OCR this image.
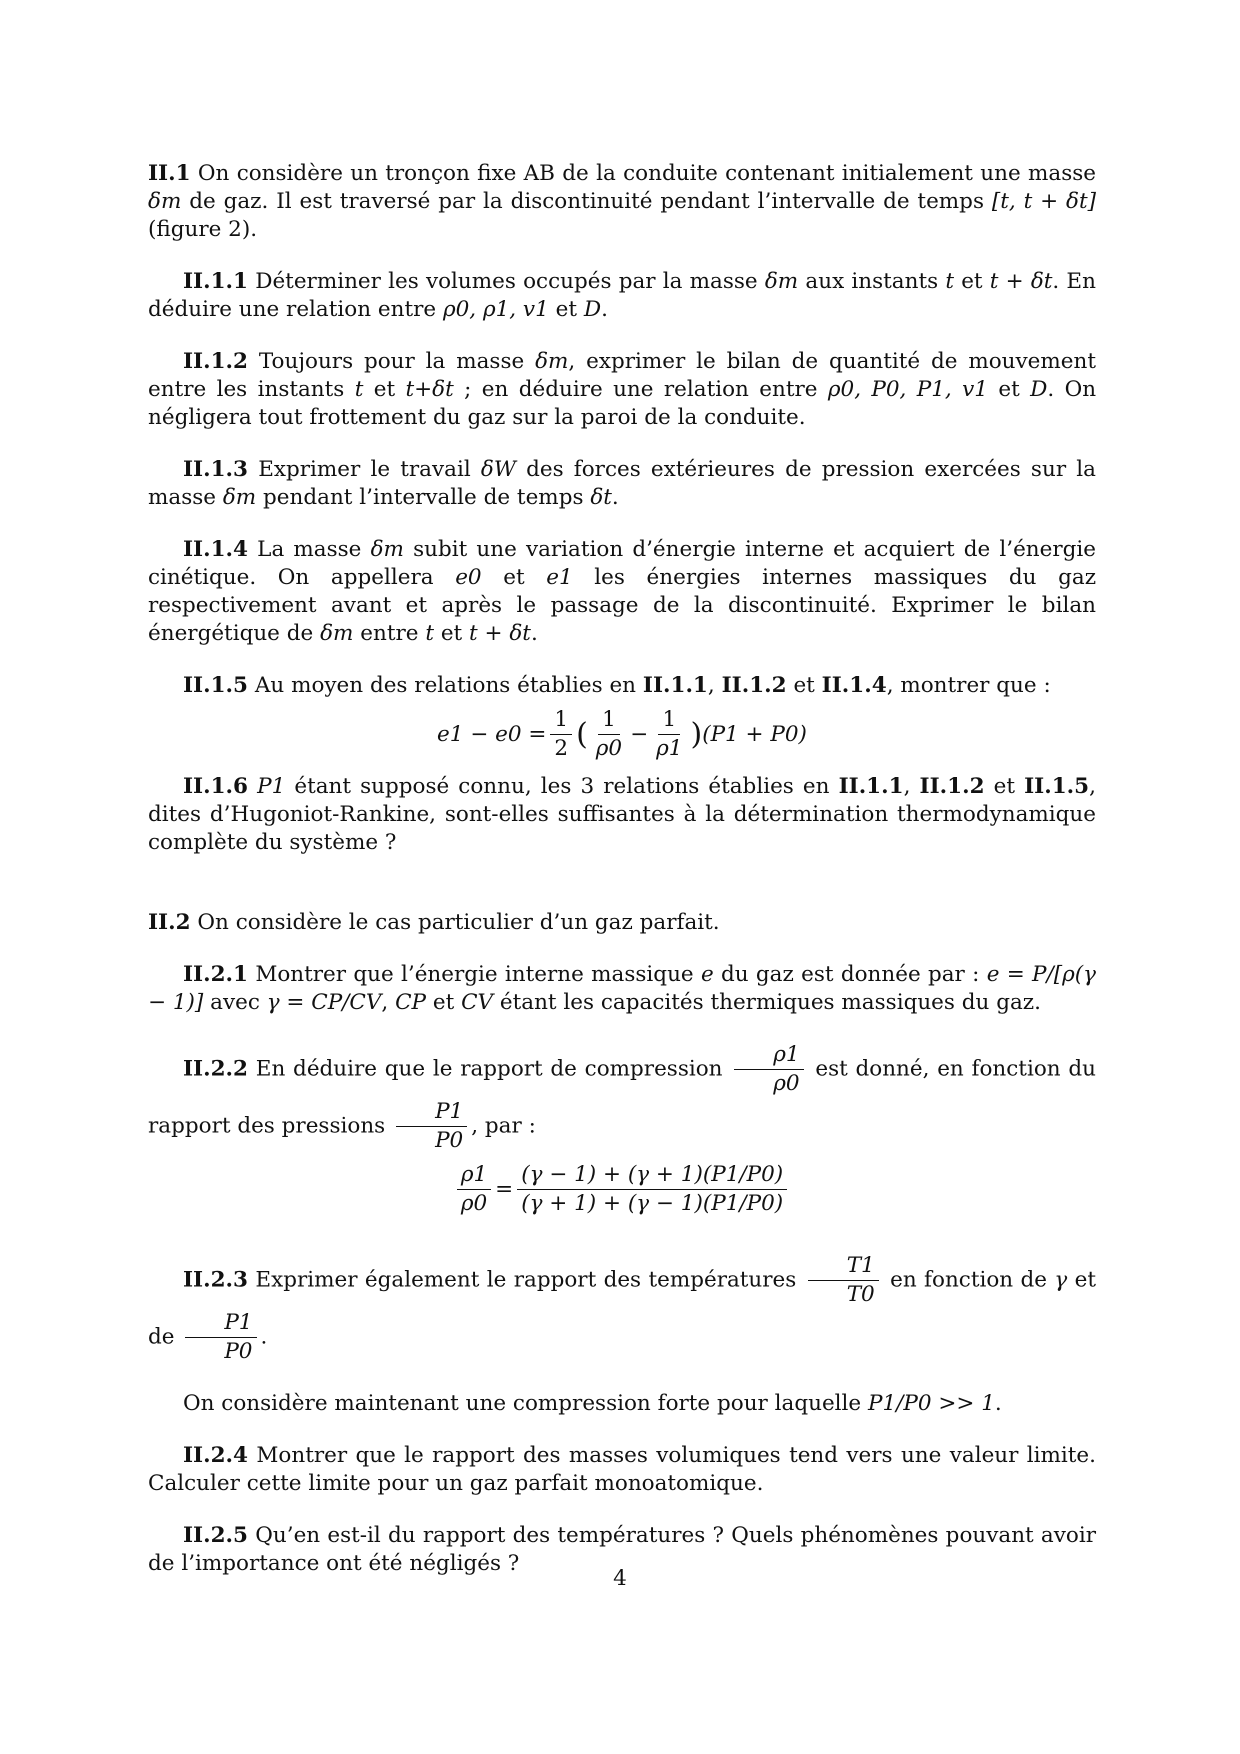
II.1 On considère un tronçon fixe AB de la conduite contenant initialement une masse δm de gaz. Il est traversé par la discontinuité pendant l’intervalle de temps [t, t + δt] (figure 2).

II.1.1 Déterminer les volumes occupés par la masse δm aux instants t et t + δt. En déduire une relation entre ρ0, ρ1, v1 et D.

II.1.2 Toujours pour la masse δm, exprimer le bilan de quantité de mouvement entre les instants t et t+δt ; en déduire une relation entre ρ0, P0, P1, v1 et D. On négligera tout frottement du gaz sur la paroi de la conduite.

II.1.3 Exprimer le travail δW des forces extérieures de pression exercées sur la masse δm pendant l’intervalle de temps δt.

II.1.4 La masse δm subit une variation d’énergie interne et acquiert de l’énergie cinétique. On appellera e0 et e1 les énergies internes massiques du gaz respectivement avant et après le passage de la discontinuité. Exprimer le bilan énergétique de δm entre t et t + δt.

II.1.5 Au moyen des relations établies en II.1.1, II.1.2 et II.1.4, montrer que :

$e1 - e0 = \frac{1}{2}$ ( $\frac{1}{\rho 0} - \frac{1}{\rho 1}$ ) (P1 + P0)

II.1.6 P1 étant supposé connu, les 3 relations établies en II.1.1, II.1.2 et II.1.5, dites d’Hugoniot-Rankine, sont-elles suffisantes à la détermination thermodynamique complète du système ?

II.2 On considère le cas particulier d’un gaz parfait.

II.2.1 Montrer que l’énergie interne massique e du gaz est donnée par : e = P/[ρ(γ − 1)] avec γ = CP/CV, CP et CV étant les capacités thermiques massiques du gaz.

II.2.2 En déduire que le rapport de compression $\frac{\rho 1}{\rho 0}$ est donné, en fonction du rapport des pressions $\frac{P1}{P0}$ , par :

$\frac{\rho 1}{\rho 0} = \frac{(\gamma - 1) + (\gamma + 1)(P1/P0)}{(\gamma + 1) + (\gamma - 1)(P1/P0)}$

II.2.3 Exprimer également le rapport des températures $\frac{T1}{T0}$ en fonction de γ et de $\frac{P1}{P0}$ .

On considère maintenant une compression forte pour laquelle P1/P0 >> 1.

II.2.4 Montrer que le rapport des masses volumiques tend vers une valeur limite. Calculer cette limite pour un gaz parfait monoatomique.

II.2.5 Qu’en est-il du rapport des températures ? Quels phénomènes pouvant avoir de l’importance ont été négligés ?

4
